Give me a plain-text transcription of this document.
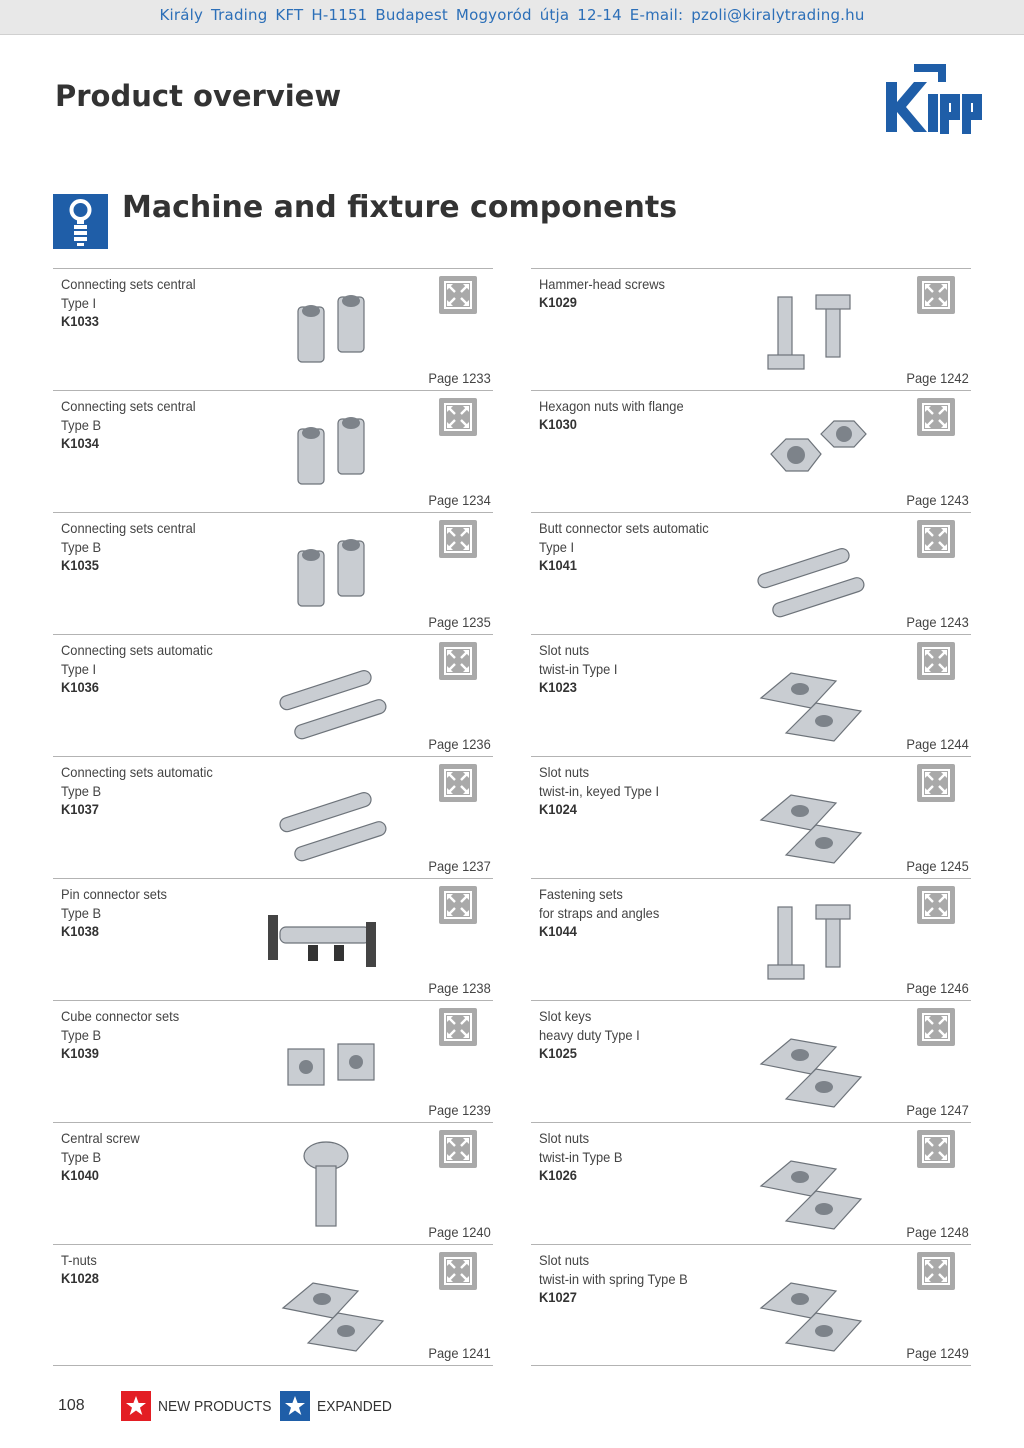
Király Trading KFT H-1151 Budapest Mogyoród útja 12-14 E-mail: pzoli@kiralytrading.hu
Product overview
Machine and fixture components
Connecting sets central
Type I
K1033
Page 1233
Connecting sets central
Type B
K1034
Page 1234
Connecting sets central
Type B
K1035
Page 1235
Connecting sets automatic
Type I
K1036
Page 1236
Connecting sets automatic
Type B
K1037
Page 1237
Pin connector sets
Type B
K1038
Page 1238
Cube connector sets
Type B
K1039
Page 1239
Central screw
Type B
K1040
Page 1240
T-nuts
K1028
Page 1241
Hammer-head screws
K1029
Page 1242
Hexagon nuts with flange
K1030
Page 1243
Butt connector sets automatic
Type I
K1041
Page 1243
Slot nuts
twist-in Type I
K1023
Page 1244
Slot nuts
twist-in, keyed Type I
K1024
Page 1245
Fastening sets
for straps and angles
K1044
Page 1246
Slot keys
heavy duty Type I
K1025
Page 1247
Slot nuts
twist-in Type B
K1026
Page 1248
Slot nuts
twist-in with spring Type B
K1027
Page 1249
108	NEW PRODUCTS	EXPANDED
